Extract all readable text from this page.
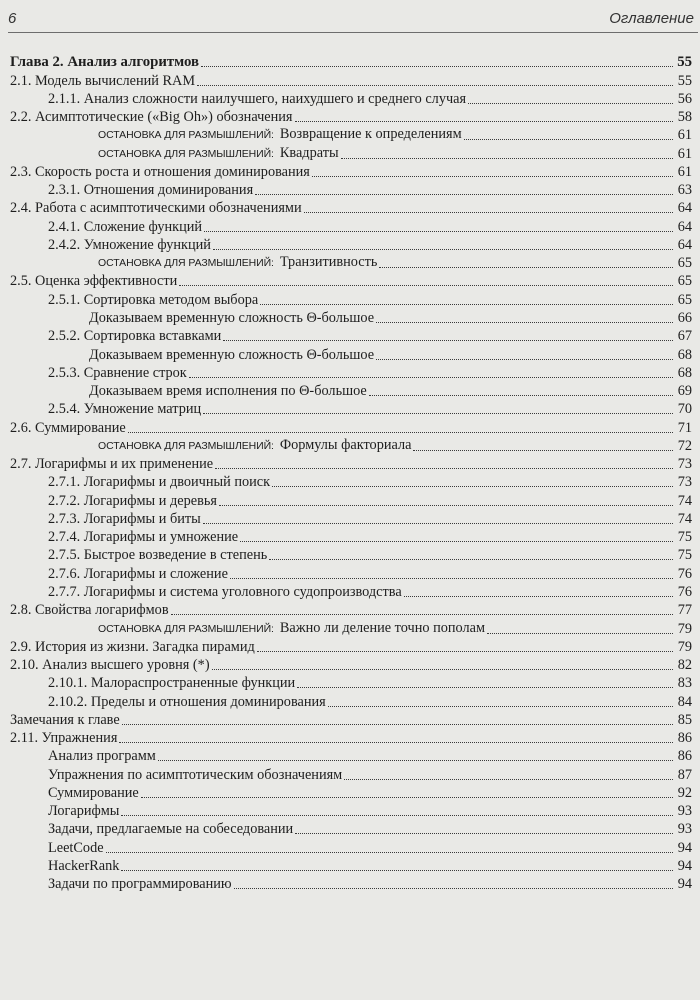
6	Оглавление
Глава 2. Анализ алгоритмов	55
2.1. Модель вычислений RAM	55
2.1.1. Анализ сложности наилучшего, наихудшего и среднего случая	56
2.2. Асимптотические («Big Oh») обозначения	58
ОСТАНОВКА ДЛЯ РАЗМЫШЛЕНИЙ: Возвращение к определениям	61
ОСТАНОВКА ДЛЯ РАЗМЫШЛЕНИЙ: Квадраты	61
2.3. Скорость роста и отношения доминирования	61
2.3.1. Отношения доминирования	63
2.4. Работа с асимптотическими обозначениями	64
2.4.1. Сложение функций	64
2.4.2. Умножение функций	64
ОСТАНОВКА ДЛЯ РАЗМЫШЛЕНИЙ: Транзитивность	65
2.5. Оценка эффективности	65
2.5.1. Сортировка методом выбора	65
Доказываем временную сложность Θ-большое	66
2.5.2. Сортировка вставками	67
Доказываем временную сложность Θ-большое	68
2.5.3. Сравнение строк	68
Доказываем время исполнения по Θ-большое	69
2.5.4. Умножение матриц	70
2.6. Суммирование	71
ОСТАНОВКА ДЛЯ РАЗМЫШЛЕНИЙ: Формулы факториала	72
2.7. Логарифмы и их применение	73
2.7.1. Логарифмы и двоичный поиск	73
2.7.2. Логарифмы и деревья	74
2.7.3. Логарифмы и биты	74
2.7.4. Логарифмы и умножение	75
2.7.5. Быстрое возведение в степень	75
2.7.6. Логарифмы и сложение	76
2.7.7. Логарифмы и система уголовного судопроизводства	76
2.8. Свойства логарифмов	77
ОСТАНОВКА ДЛЯ РАЗМЫШЛЕНИЙ: Важно ли деление точно пополам	79
2.9. История из жизни. Загадка пирамид	79
2.10. Анализ высшего уровня (*)	82
2.10.1. Малораспространенные функции	83
2.10.2. Пределы и отношения доминирования	84
Замечания к главе	85
2.11. Упражнения	86
Анализ программ	86
Упражнения по асимптотическим обозначениям	87
Суммирование	92
Логарифмы	93
Задачи, предлагаемые на собеседовании	93
LeetCode	94
HackerRank	94
Задачи по программированию	94
